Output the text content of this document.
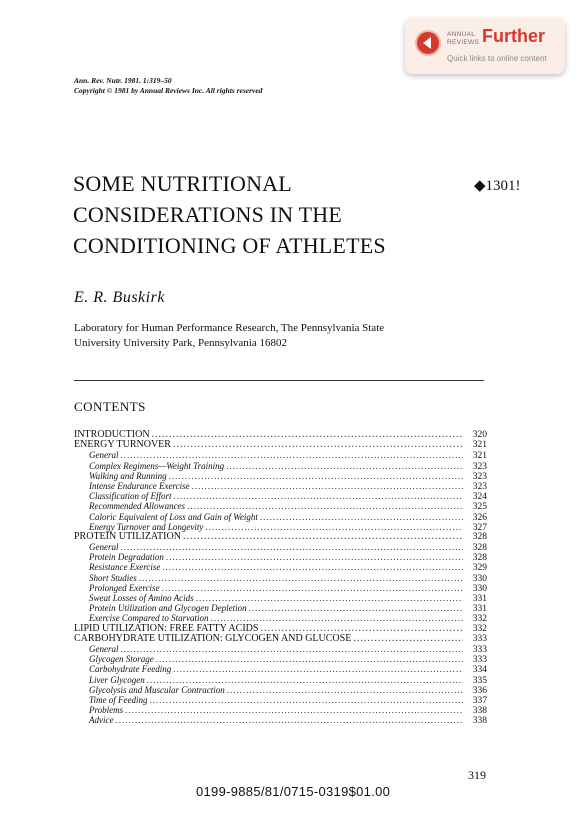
ANNUAL REVIEWS Further
Quick links to online content
Ann. Rev. Nutr. 1981. 1:319–50
Copyright © 1981 by Annual Reviews Inc. All rights reserved
SOME NUTRITIONAL
CONSIDERATIONS IN THE
CONDITIONING OF ATHLETES
◆1301!
E. R. Buskirk
Laboratory for Human Performance Research, The Pennsylvania State
University University Park, Pennsylvania 16802
CONTENTS
INTRODUCTION .....	320
ENERGY TURNOVER .....	321
General .....	321
Complex Regimens—Weight Training .....	323
Walking and Running .....	323
Intense Endurance Exercise .....	323
Classification of Effort .....	324
Recommended Allowances .....	325
Caloric Equivalent of Loss and Gain of Weight .....	326
Energy Turnover and Longevity .....	327
PROTEIN UTILIZATION .....	328
General .....	328
Protein Degradation .....	328
Resistance Exercise .....	329
Short Studies .....	330
Prolonged Exercise .....	330
Sweat Losses of Amino Acids .....	331
Protein Utilization and Glycogen Depletion .....	331
Exercise Compared to Starvation .....	332
LIPID UTILIZATION: FREE FATTY ACIDS .....	332
CARBOHYDRATE UTILIZATION: GLYCOGEN AND GLUCOSE .....	333
General .....	333
Glycogen Storage .....	333
Carbohydrate Feeding .....	334
Liver Glycogen .....	335
Glycolysis and Muscular Contraction .....	336
Time of Feeding .....	337
Problems .....	338
Advice .....	338
319
0199-9885/81/0715-0319$01.00
